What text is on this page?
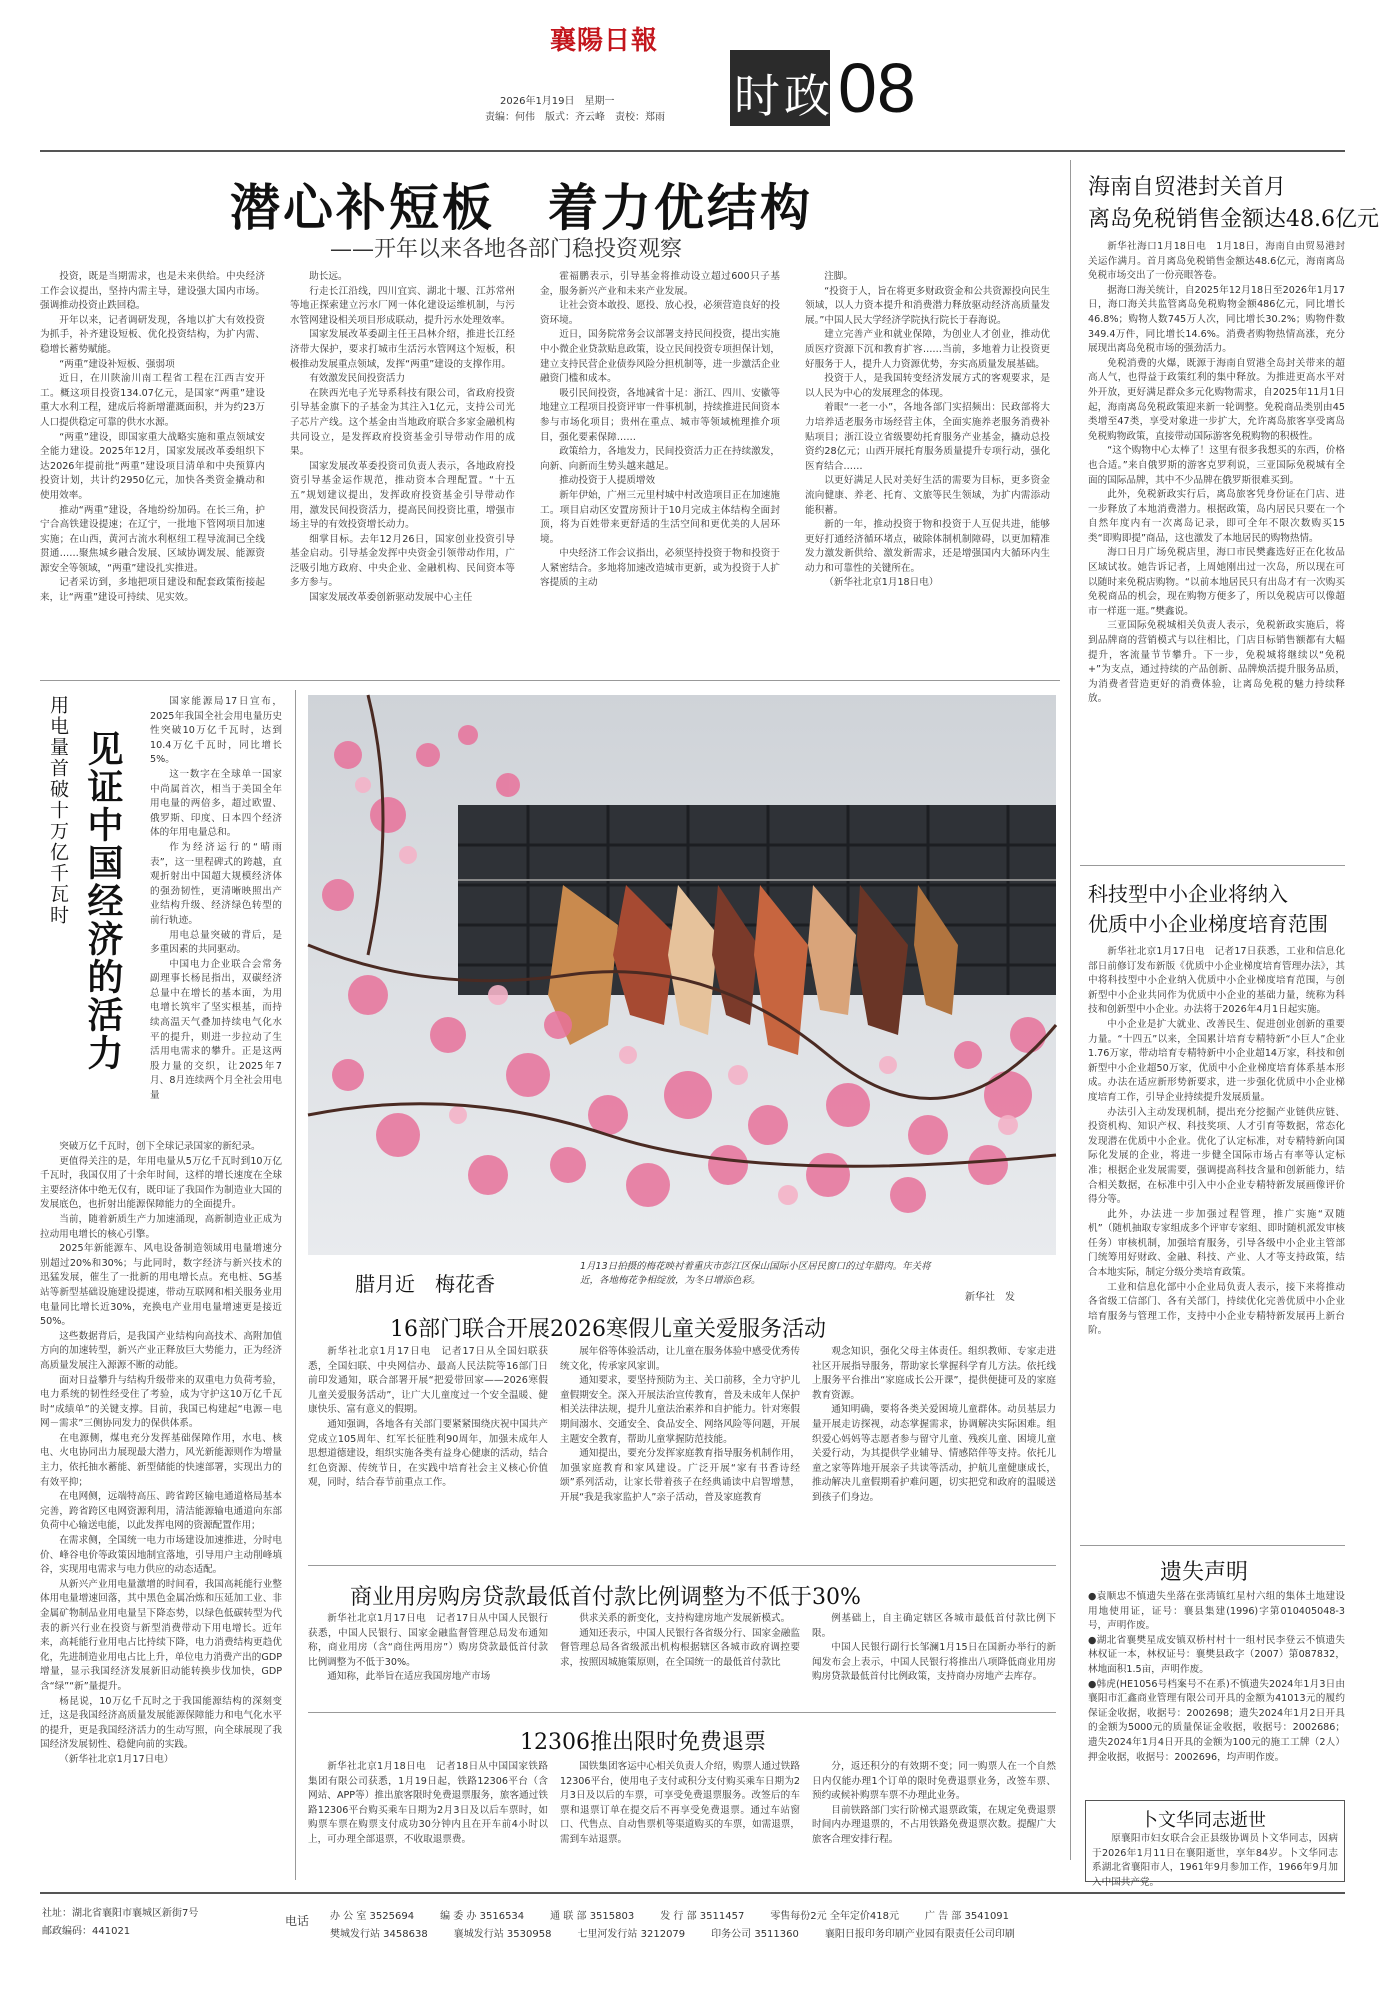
襄陽日報
2026年1月19日　星期一
责编：何伟　版式：齐云峰　责校：郑雨 时政 08
潜心补短板　着力优结构
——开年以来各地各部门稳投资观察

投资，既是当期需求，也是未来供给。中央经济工作会议提出，坚持内需主导，建设强大国内市场。强调推动投资止跌回稳。

开年以来，记者调研发现，各地以扩大有效投资为抓手，补齐建设短板、优化投资结构，为扩内需、稳增长蓄势赋能。

“两重”建设补短板、强弱项

近日，在川陕渝川南工程省工程在江西吉安开工。概这项目投资134.07亿元，是国家“两重”建设重大水利工程，建成后将新增灌溉面积，并为约23万人口提供稳定可靠的供水水源。

“两重”建设，即国家重大战略实施和重点领域安全能力建设。2025年12月，国家发展改革委组织下达2026年提前批“两重”建设项目清单和中央预算内投资计划，共计约2950亿元，加快各类资金撬动和使用效率。

推动“两重”建设，各地纷纷加码。在长三角，护宁合高铁建设提速；在辽宁，一批地下管网项目加速实施；在山西，黄河古流水利枢纽工程导流洞已全线贯通……聚焦城乡融合发展、区域协调发展、能源资源安全等领域，“两重”建设扎实推进。

记者采访到，多地把项目建设和配套政策衔接起来，让“两重”建设可持续、见实效。

助长远。

行走长江沿线，四川宜宾、湖北十堰、江苏常州等地正探索建立污水厂网一体化建设运维机制，与污水管网建设相关项目形成联动，提升污水处理效率。

国家发展改革委副主任王昌林介绍，推进长江经济带大保护，要求打城市生活污水管网这个短板，积极推动发展重点领域，发挥“两重”建设的支撑作用。

有效激发民间投资活力

在陕西光电子光导系科技有限公司，省政府投资引导基金旗下的子基金为其注入1亿元，支持公司光子芯片产线。这个基金由当地政府联合多家金融机构共同设立，是发挥政府投资基金引导带动作用的成果。

国家发展改革委投资司负责人表示，各地政府投资引导基金运作规范，推动资本合理配置。“十五五”规划建议提出，发挥政府投资基金引导带动作用，激发民间投资活力，提高民间投资比重，增强市场主导的有效投资增长动力。

细掌目标。去年12月26日，国家创业投资引导基金启动。引导基金发挥中央资金引领带动作用，广泛吸引地方政府、中央企业、金融机构、民间资本等多方参与。

国家发展改革委创新驱动发展中心主任

霍福鹏表示，引导基金将推动设立超过600只子基金，服务新兴产业和未来产业发展。

让社会资本敢投、愿投、放心投，必须营造良好的投资环境。

近日，国务院常务会议部署支持民间投资，提出实施中小微企业贷款贴息政策，设立民间投资专项担保计划，建立支持民营企业债券风险分担机制等，进一步激活企业融资门槛和成本。

吸引民间投资，各地减省十足：浙江、四川、安徽等地建立工程项目投资评审一件事机制，持续推进民间资本参与市场化项目；贵州在重点、城市等领域梳理推介项目，强化要素保障……

政策给力，各地发力，民间投资活力正在持续激发，向新、向新而生势头越来越足。

推动投资于人提质增效

新年伊始，广州三元里村城中村改造项目正在加速施工。项目启动区安置房预计于10月完成主体结构全面封顶，将为百姓带来更舒适的生活空间和更优美的人居环境。

中央经济工作会议指出，必须坚持投资于物和投资于人紧密结合。多地将加速改造城市更新，或为投资于人扩容提质的主动

注脚。

“投资于人，旨在将更多财政资金和公共资源投向民生领域，以人力资本提升和消费潜力释放驱动经济高质量发展。”中国人民大学经济学院执行院长于春海说。

建立完善产业和就业保障，为创业人才创业，推动优质医疗资源下沉和教育扩容……当前，多地着力让投资更好服务于人，提升人力资源优势，夯实高质量发展基础。

投资于人，是我国转变经济发展方式的客观要求，是以人民为中心的发展理念的体现。

着眼“一老一小”，各地各部门实招频出：民政部将大力培养适老服务市场经营主体，全面实施养老服务消费补贴项目；浙江设立省级婴幼托育服务产业基金，撬动总投资约28亿元；山西开展托育服务质量提升专项行动，强化医育结合……

以更好满足人民对美好生活的需要为目标，更多资金流向健康、养老、托育、文旅等民生领域，为扩内需添动能积蓄。

新的一年，推动投资于物和投资于人互促共进，能够更好打通经济循环堵点，破除体制机制障碍，以更加精准发力激发新供给、激发新需求，还是增强国内大循环内生动力和可靠性的关键所在。

（新华社北京1月18日电）

海南自贸港封关首月
离岛免税销售金额达48.6亿元

新华社海口1月18日电　1月18日，海南自由贸易港封关运作满月。首月离岛免税销售金额达48.6亿元，海南离岛免税市场交出了一份亮眼答卷。

据海口海关统计，自2025年12月18日至2026年1月17日，海口海关共监管离岛免税购物金额486亿元，同比增长46.8%；购物人数745万人次，同比增长30.2%；购物件数349.4万件，同比增长14.6%。消费者购物热情高涨，充分展现出离岛免税市场的强劲活力。

免税消费的火爆，既源于海南自贸港全岛封关带来的超高人气，也得益于政策红利的集中释放。为推进更高水平对外开放，更好满足群众多元化购物需求，自2025年11月1日起，海南离岛免税政策迎来新一轮调整。免税商品类别由45类增至47类，享受对象进一步扩大，允许离岛旅客享受离岛免税购物政策，直接带动国际游客免税购物的积极性。

“这个购物中心太棒了！这里有很多我想买的东西，价格也合适。”来自俄罗斯的游客克罗利说，三亚国际免税城有全面的国际品牌，其中不少品牌在俄罗斯很难买到。

此外，免税新政实行后，离岛旅客凭身份证在门店、进一步释放了本地消费潜力。根据政策，岛内居民只要在一个自然年度内有一次离岛记录，即可全年不限次数购买15类“即购即提”商品，这也激发了本地居民的购物热情。

海口日月广场免税店里，海口市民樊鑫选好正在化妆品区域试妆。她告诉记者，上周她刚出过一次岛，所以现在可以随时来免税店购物。“以前本地居民只有出岛才有一次购买免税商品的机会，现在购物方便多了，所以免税店可以像超市一样逛一逛。”樊鑫说。

三亚国际免税城相关负责人表示，免税新政实施后，将到品牌商的营销模式与以往相比，门店目标销售额都有大幅提升，客流量节节攀升。下一步，免税城将继续以“免税+”为支点，通过持续的产品创新、品牌焕活提升服务品质，为消费者营造更好的消费体验，让离岛免税的魅力持续释放。

用电量首破十万亿千瓦时 见证中国经济的活力

国家能源局17日宣布，2025年我国全社会用电量历史性突破10万亿千瓦时，达到10.4万亿千瓦时，同比增长5%。

这一数字在全球单一国家中尚属首次，相当于美国全年用电量的两倍多，超过欧盟、俄罗斯、印度、日本四个经济体的年用电量总和。

作为经济运行的“晴雨表”，这一里程碑式的跨越，直观折射出中国超大规模经济体的强劲韧性，更清晰映照出产业结构升级、经济绿色转型的前行轨迹。

用电总量突破的背后，是多重因素的共同驱动。

中国电力企业联合会常务副理事长杨昆指出，双碳经济总量中在增长的基本面，为用电增长筑牢了坚实根基，而持续高温天气叠加持续电气化水平的提升，则进一步拉动了生活用电需求的攀升。正是这两股力量的交织，让2025年7月、8月连续两个月全社会用电量

突破万亿千瓦时，创下全球记录国家的新纪录。

更值得关注的是，年用电量从5万亿千瓦时到10万亿千瓦时，我国仅用了十余年时间，这样的增长速度在全球主要经济体中绝无仅有，既印证了我国作为制造业大国的发展底色，也折射出能源保障能力的全面提升。

当前，随着新质生产力加速涌现，高新制造业正成为拉动用电增长的核心引擎。

2025年新能源车、风电设备制造领域用电量增速分别超过20%和30%；与此同时，数字经济与新兴技术的迅猛发展，催生了一批新的用电增长点。充电桩、5G基站等新型基础设施建设提速，带动互联网和相关服务业用电量同比增长近30%，充换电产业用电量增速更是接近50%。

这些数据背后，是我国产业结构向高技术、高附加值方向的加速转型，新兴产业正释放巨大势能力，正为经济高质量发展注入源源不断的动能。

面对日益攀升与结构升级带来的双重电力负荷考验，电力系统的韧性经受住了考验，成为守护这10万亿千瓦时“成绩单”的关键支撑。目前，我国已构建起“电源－电网－需求”三侧协同发力的保供体系。

在电源侧，煤电充分发挥基础保障作用，水电、核电、火电协同出力展现最大潜力，风光新能源则作为增量主力，依托抽水蓄能、新型储能的快速部署，实现出力的有效平抑；

在电网侧，远端特高压、跨省跨区输电通道格局基本完善，跨省跨区电网资源利用，清洁能源输电通道向东部负荷中心输送电能，以此发挥电网的资源配置作用；

在需求侧，全国统一电力市场建设加速推进，分时电价、峰谷电价等政策因地制宜落地，引导用户主动削峰填谷，实现用电需求与电力供应的动态适配。

从新兴产业用电量激增的时间看，我国高耗能行业整体用电量增速回落，其中黑色金属冶炼和压延加工业、非金属矿物制品业用电量呈下降态势，以绿色低碳转型为代表的新兴行业在投资与新型消费带动下用电增长。近年来，高耗能行业用电占比持续下降，电力消费结构更趋优化，先进制造业用电占比上升，单位电力消费产出的GDP增量，显示我国经济发展新旧动能转换步伐加快，GDP含“绿”“新”量提升。

杨昆说，10万亿千瓦时之于我国能源结构的深刻变迁，这是我国经济高质量发展能源保障能力和电气化水平的提升，更是我国经济活力的生动写照，向全球展现了我国经济发展韧性、稳健向前的实践。

（新华社北京1月17日电）

腊月近　梅花香
1月13日拍摄的梅花映衬着重庆市彭江区保山国际小区居民窗口的过年腊肉。年关将近，各地梅花争相绽放，为冬日增添色彩。
新华社　发
16部门联合开展2026寒假儿童关爱服务活动

新华社北京1月17日电　记者17日从全国妇联获悉，全国妇联、中央网信办、最高人民法院等16部门日前印发通知，联合部署开展“把爱带回家——2026寒假儿童关爱服务活动”，让广大儿童度过一个安全温暖、健康快乐、富有意义的假期。

通知强调，各地各有关部门要紧紧围绕庆祝中国共产党成立105周年、红军长征胜利90周年，加强未成年人思想道德建设，组织实施各类有益身心健康的活动，结合红色资源、传统节日，在实践中培育社会主义核心价值观，同时，结合春节前重点工作。

展年俗等体验活动，让儿童在服务体验中感受优秀传统文化，传承家风家训。

通知要求，要坚持预防为主、关口前移，全力守护儿童假期安全。深入开展法治宣传教育，普及未成年人保护相关法律法规，提升儿童法治素养和自护能力。针对寒假期间溺水、交通安全、食品安全、网络风险等问题，开展主题安全教育，帮助儿童掌握防范技能。

通知提出，要充分发挥家庭教育指导服务机制作用，加强家庭教育和家风建设。广泛开展“家有书香诗经颂”系列活动，让家长带着孩子在经典诵读中启智增慧，开展“我是我家监护人”亲子活动，普及家庭教育

观念知识，强化父母主体责任。组织教师、专家走进社区开展指导服务，帮助家长掌握科学育儿方法。依托线上服务平台推出“家庭成长公开课”，提供便捷可及的家庭教育资源。

通知明确，要将各类关爱困境儿童群体。动员基层力量开展走访探视，动态掌握需求，协调解决实际困难。组织爱心妈妈等志愿者参与留守儿童、残疾儿童、困境儿童关爱行动，为其提供学业辅导、情感陪伴等支持。依托儿童之家等阵地开展亲子共读等活动，护航儿童健康成长，推动解决儿童假期看护难问题，切实把党和政府的温暖送到孩子们身边。

商业用房购房贷款最低首付款比例调整为不低于30%

新华社北京1月17日电　记者17日从中国人民银行获悉，中国人民银行、国家金融监督管理总局发布通知称，商业用房（含“商住两用房”）购房贷款最低首付款比例调整为不低于30%。

通知称，此举旨在适应我国房地产市场

供求关系的新变化，支持构建房地产发展新模式。

通知还表示，中国人民银行各省级分行、国家金融监督管理总局各省级派出机构根据辖区各城市政府调控要求，按照因城施策原则，在全国统一的最低首付款比

例基础上，自主确定辖区各城市最低首付款比例下限。

中国人民银行副行长邹澜1月15日在国新办举行的新闻发布会上表示，中国人民银行将推出八项降低商业用房购房贷款最低首付比例政策，支持商办房地产去库存。

12306推出限时免费退票

新华社北京1月18日电　记者18日从中国国家铁路集团有限公司获悉，1月19日起，铁路12306平台（含网站、APP等）推出旅客限时免费退票服务，旅客通过铁路12306平台购买乘车日期为2月3日及以后车票时，如购票车票在购票支付成功30分钟内且在开车前4小时以上，可办理全部退票，不收取退票费。

国铁集团客运中心相关负责人介绍，购票人通过铁路12306平台，使用电子支付或积分支付购买乘车日期为2月3日及以后的车票，可享受免费退票服务。改签后的车票和退票订单在提交后不再享受免费退票。通过车站窗口、代售点、自动售票机等渠道购买的车票，如需退票，需到车站退票。

分，返还积分的有效期不变；同一购票人在一个自然日内仅能办理1个订单的限时免费退票业务，改签车票、预约或候补购票车票不办理此业务。

目前铁路部门实行阶梯式退票政策，在规定免费退票时间内办理退票的，不占用铁路免费退票次数。提醒广大旅客合理安排行程。

科技型中小企业将纳入
优质中小企业梯度培育范围

新华社北京1月17日电　记者17日获悉，工业和信息化部日前修订发布新版《优质中小企业梯度培育管理办法》，其中将科技型中小企业纳入优质中小企业梯度培育范围，与创新型中小企业共同作为优质中小企业的基础力量，统称为科技和创新型中小企业。办法将于2026年4月1日起实施。

中小企业是扩大就业、改善民生、促进创业创新的重要力量。“十四五”以来，全国累计培育专精特新“小巨人”企业1.76万家，带动培育专精特新中小企业超14万家，科技和创新型中小企业超50万家，优质中小企业梯度培育体系基本形成。办法在适应新形势新要求，进一步强化优质中小企业梯度培育工作，引导企业持续提升发展质量。

办法引入主动发现机制，提出充分挖掘产业链供应链、投资机构、知识产权、科技奖项、人才引育等数据，常态化发现潜在优质中小企业。优化了认定标准，对专精特新向国际化发展的企业，将进一步健全国际市场占有率等认定标准；根据企业发展需要，强调提高科技含量和创新能力，结合相关数据，在标准中引入中小企业专精特新发展画像评价得分等。

此外，办法进一步加强过程管理，推广实施“双随机”（随机抽取专家组成多个评审专家组、即时随机派发审核任务）审核机制，加强培育服务，引导各级中小企业主管部门统筹用好财政、金融、科技、产业、人才等支持政策，结合本地实际，制定分级分类培育政策。

工业和信息化部中小企业局负责人表示，接下来将推动各省级工信部门、各有关部门，持续优化完善优质中小企业培育服务与管理工作，支持中小企业专精特新发展再上新台阶。

遗失声明

●袁顺忠不慎遗失坐落在张湾镇红星村六组的集体土地建设用地使用证，证号：襄县集建(1996)字第010405048-3号，声明作废。

●湖北省襄樊星成安镇双桥村村十一组村民李登云不慎遗失林权证一本，林权证号：襄樊县政字（2007）第087832，林地面积1.5亩，声明作废。

●韩虎(HE1056号档案号不在系)不慎遗失2024年1月3日由襄阳市汇鑫商业管理有限公司开具的金额为41013元的履约保证金收据，收据号：2002698；遗失2024年1月2日开具的金额为5000元的质量保证金收据，收据号：2002686；遗失2024年1月4日开具的金额为100元的施工工牌（2人）押金收据，收据号：2002696，均声明作废。

卜文华同志逝世
原襄阳市妇女联合会正县级协调员卜文华同志，因病于2026年1月11日在襄阳逝世，享年84岁。卜文华同志系湖北省襄阳市人，1961年9月参加工作，1966年9月加入中国共产党。
社址：湖北省襄阳市襄城区新街7号
邮政编码：441021
电话 办 公 室 3525694	编 委 办 3516534	通 联 部 3515803	发 行 部 3511457	零售每份2元 全年定价418元	广 告 部 3541091
樊城发行站 3458638	襄城发行站 3530958	七里河发行站 3212079	印务公司 3511360	襄阳日报印务印刷产业园有限责任公司印刷
